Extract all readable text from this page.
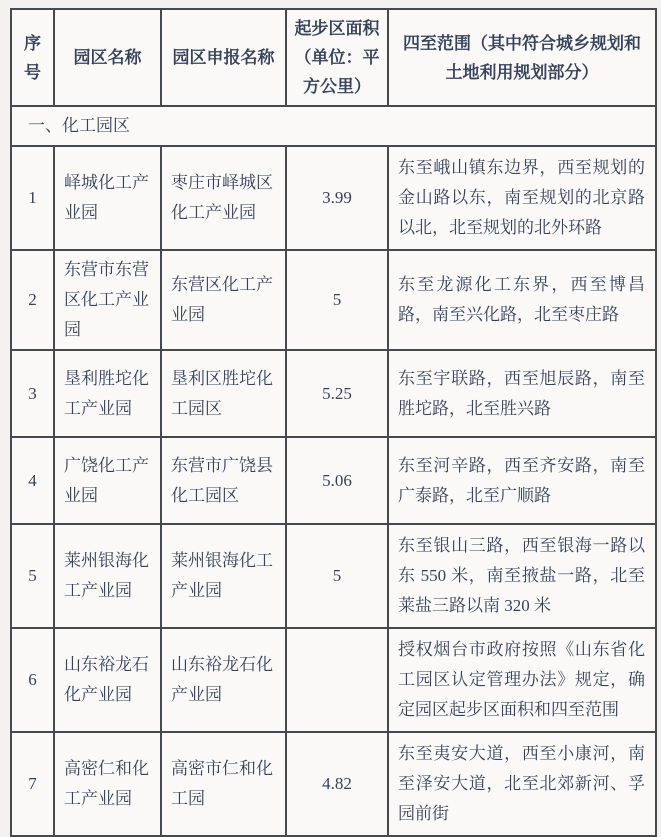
序号	园区名称	园区申报名称	起步区面积（单位：平方公里）	四至范围（其中符合城乡规划和土地利用规划部分）
一、化工园区				
1	峄城化工产业园	枣庄市峄城区化工产业园	3.99	东至峨山镇东边界，西至规划的金山路以东，南至规划的北京路以北，北至规划的北外环路
2	东营市东营区化工产业园	东营区化工产业园	5	东至龙源化工东界，西至博昌路，南至兴化路，北至枣庄路
3	垦利胜坨化工产业园	垦利区胜坨化工园区	5.25	东至宇联路，西至旭辰路，南至胜坨路，北至胜兴路
4	广饶化工产业园	东营市广饶县化工园区	5.06	东至河辛路，西至齐安路，南至广泰路，北至广顺路
5	莱州银海化工产业园	莱州银海化工产业园	5	东至银山三路，西至银海一路以东 550 米，南至掖盐一路，北至莱盐三路以南 320 米
6	山东裕龙石化产业园	山东裕龙石化产业园		授权烟台市政府按照《山东省化工园区认定管理办法》规定，确定园区起步区面积和四至范围
7	高密仁和化工产业园	高密市仁和化工园	4.82	东至夷安大道，西至小康河，南至泽安大道，北至北郊新河、孚园前街
